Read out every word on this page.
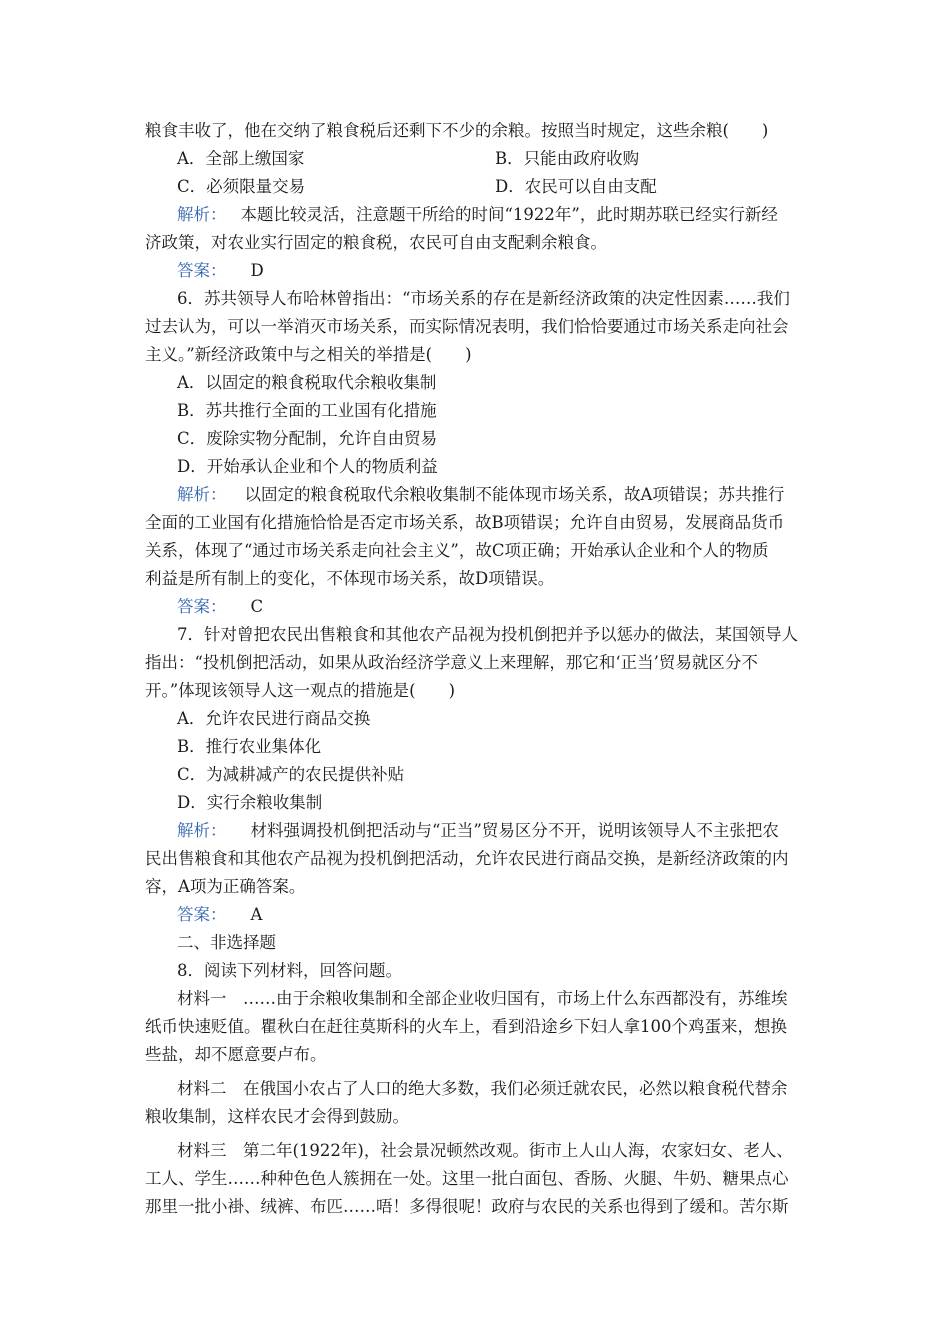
粮食丰收了，他在交纳了粮食税后还剩下不少的余粮。按照当时规定，这些余粮(　　)
A．全部上缴国家	B．只能由政府收购
C．必须限量交易	D．农民可以自由支配
解析： 本题比较灵活，注意题干所给的时间“1922年”，此时期苏联已经实行新经
济政策，对农业实行固定的粮食税，农民可自由支配剩余粮食。
答案： D
6．苏共领导人布哈林曾指出：“市场关系的存在是新经济政策的决定性因素……我们
过去认为，可以一举消灭市场关系，而实际情况表明，我们恰恰要通过市场关系走向社会
主义。”新经济政策中与之相关的举措是(　　)
A．以固定的粮食税取代余粮收集制
B．苏共推行全面的工业国有化措施
C．废除实物分配制，允许自由贸易
D．开始承认企业和个人的物质利益
解析： 以固定的粮食税取代余粮收集制不能体现市场关系，故A项错误；苏共推行
全面的工业国有化措施恰恰是否定市场关系，故B项错误；允许自由贸易，发展商品货币
关系，体现了“通过市场关系走向社会主义”，故C项正确；开始承认企业和个人的物质
利益是所有制上的变化，不体现市场关系，故D项错误。
答案： C
7．针对曾把农民出售粮食和其他农产品视为投机倒把并予以惩办的做法，某国领导人
指出：“投机倒把活动，如果从政治经济学意义上来理解，那它和‘正当’贸易就区分不
开。”体现该领导人这一观点的措施是(　　)
A．允许农民进行商品交换
B．推行农业集体化
C．为减耕减产的农民提供补贴
D．实行余粮收集制
解析： 材料强调投机倒把活动与“正当”贸易区分不开，说明该领导人不主张把农
民出售粮食和其他农产品视为投机倒把活动，允许农民进行商品交换，是新经济政策的内
容，A项为正确答案。
答案： A
二、非选择题
8．阅读下列材料，回答问题。
材料一　……由于余粮收集制和全部企业收归国有，市场上什么东西都没有，苏维埃
纸币快速贬值。瞿秋白在赶往莫斯科的火车上，看到沿途乡下妇人拿100个鸡蛋来，想换
些盐，却不愿意要卢布。
材料二　在俄国小农占了人口的绝大多数，我们必须迁就农民，必然以粮食税代替余
粮收集制，这样农民才会得到鼓励。
材料三　第二年(1922年)，社会景况顿然改观。街市上人山人海，农家妇女、老人、
工人、学生……种种色色人簇拥在一处。这里一批白面包、香肠、火腿、牛奶、糖果点心
那里一批小褂、绒裤、布匹……唔！多得很呢！政府与农民的关系也得到了缓和。苦尔斯
